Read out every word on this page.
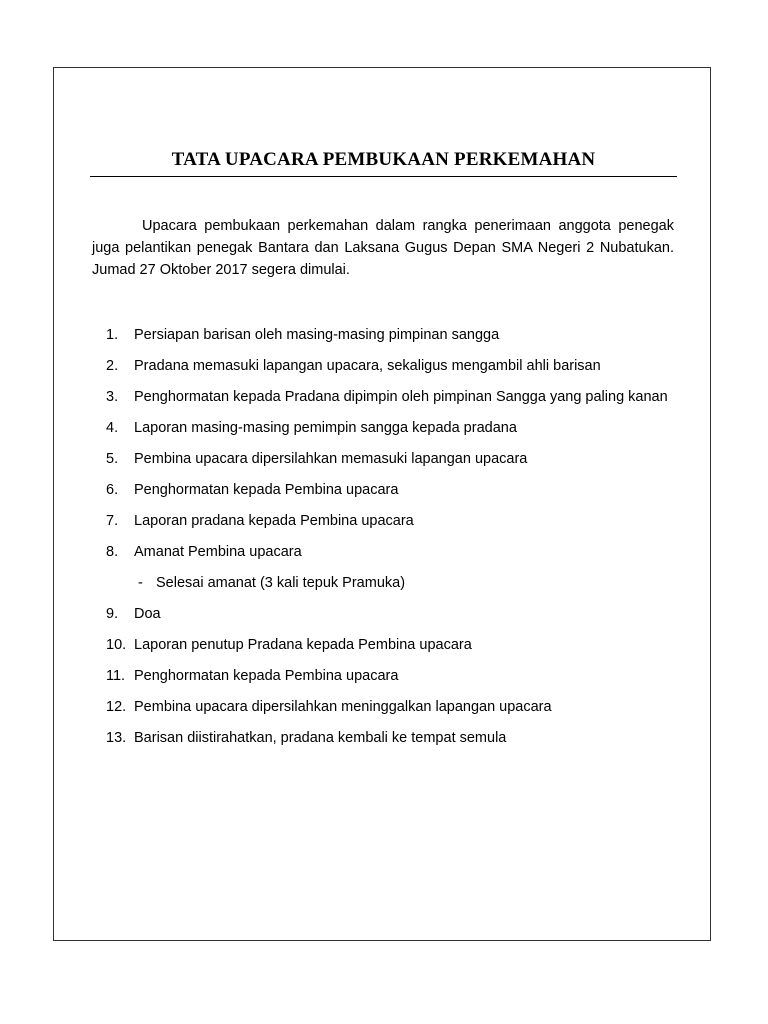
TATA UPACARA PEMBUKAAN PERKEMAHAN

Upacara pembukaan perkemahan dalam rangka penerimaan anggota penegak juga pelantikan penegak Bantara dan Laksana Gugus Depan SMA Negeri 2 Nubatukan. Jumad 27 Oktober 2017 segera dimulai.

1.	Persiapan barisan oleh masing-masing pimpinan sangga
2.	Pradana memasuki lapangan upacara, sekaligus mengambil ahli barisan
3.	Penghormatan kepada Pradana dipimpin oleh pimpinan Sangga yang paling kanan
4.	Laporan masing-masing pemimpin sangga kepada pradana
5.	Pembina upacara dipersilahkan memasuki lapangan upacara
6.	Penghormatan kepada Pembina upacara
7.	Laporan pradana kepada Pembina upacara
8.	Amanat Pembina upacara
- Selesai amanat (3 kali tepuk Pramuka)
9.	Doa
10. Laporan penutup Pradana kepada Pembina upacara
11. Penghormatan kepada Pembina upacara
12. Pembina upacara dipersilahkan meninggalkan lapangan upacara
13. Barisan diistirahatkan, pradana kembali ke tempat semula
